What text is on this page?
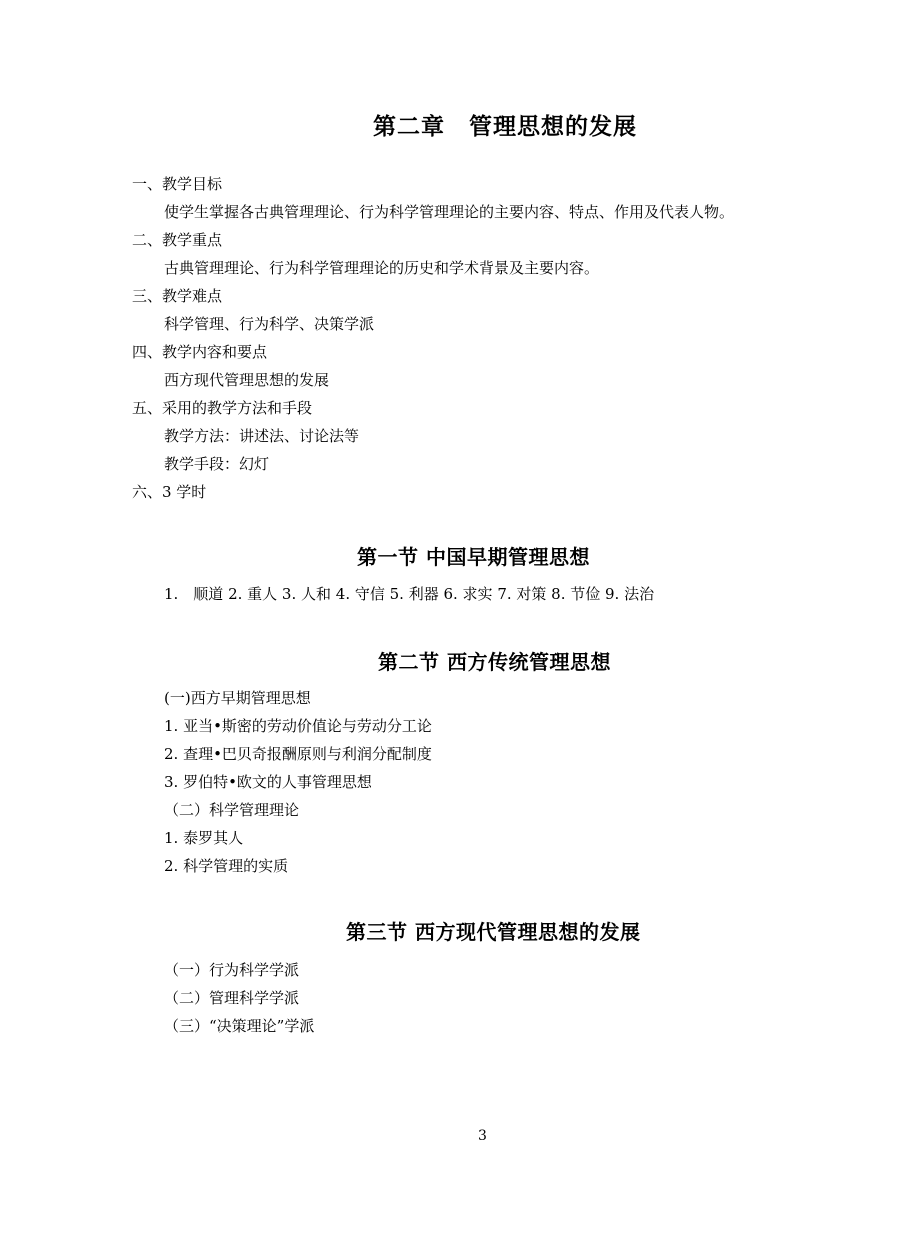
第二章　管理思想的发展
一、教学目标
使学生掌握各古典管理理论、行为科学管理理论的主要内容、特点、作用及代表人物。
二、教学重点
古典管理理论、行为科学管理理论的历史和学术背景及主要内容。
三、教学难点
科学管理、行为科学、决策学派
四、教学内容和要点
西方现代管理思想的发展
五、采用的教学方法和手段
教学方法：讲述法、讨论法等
教学手段：幻灯
六、3 学时
第一节 中国早期管理思想
1.　顺道 2. 重人 3. 人和 4. 守信 5. 利器 6. 求实 7. 对策 8. 节俭 9. 法治
第二节 西方传统管理思想
(一)西方早期管理思想
1. 亚当•斯密的劳动价值论与劳动分工论
2. 查理•巴贝奇报酬原则与利润分配制度
3. 罗伯特•欧文的人事管理思想
（二）科学管理理论
1. 泰罗其人
2. 科学管理的实质
第三节 西方现代管理思想的发展
（一）行为科学学派
（二）管理科学学派
（三）“决策理论”学派
3
